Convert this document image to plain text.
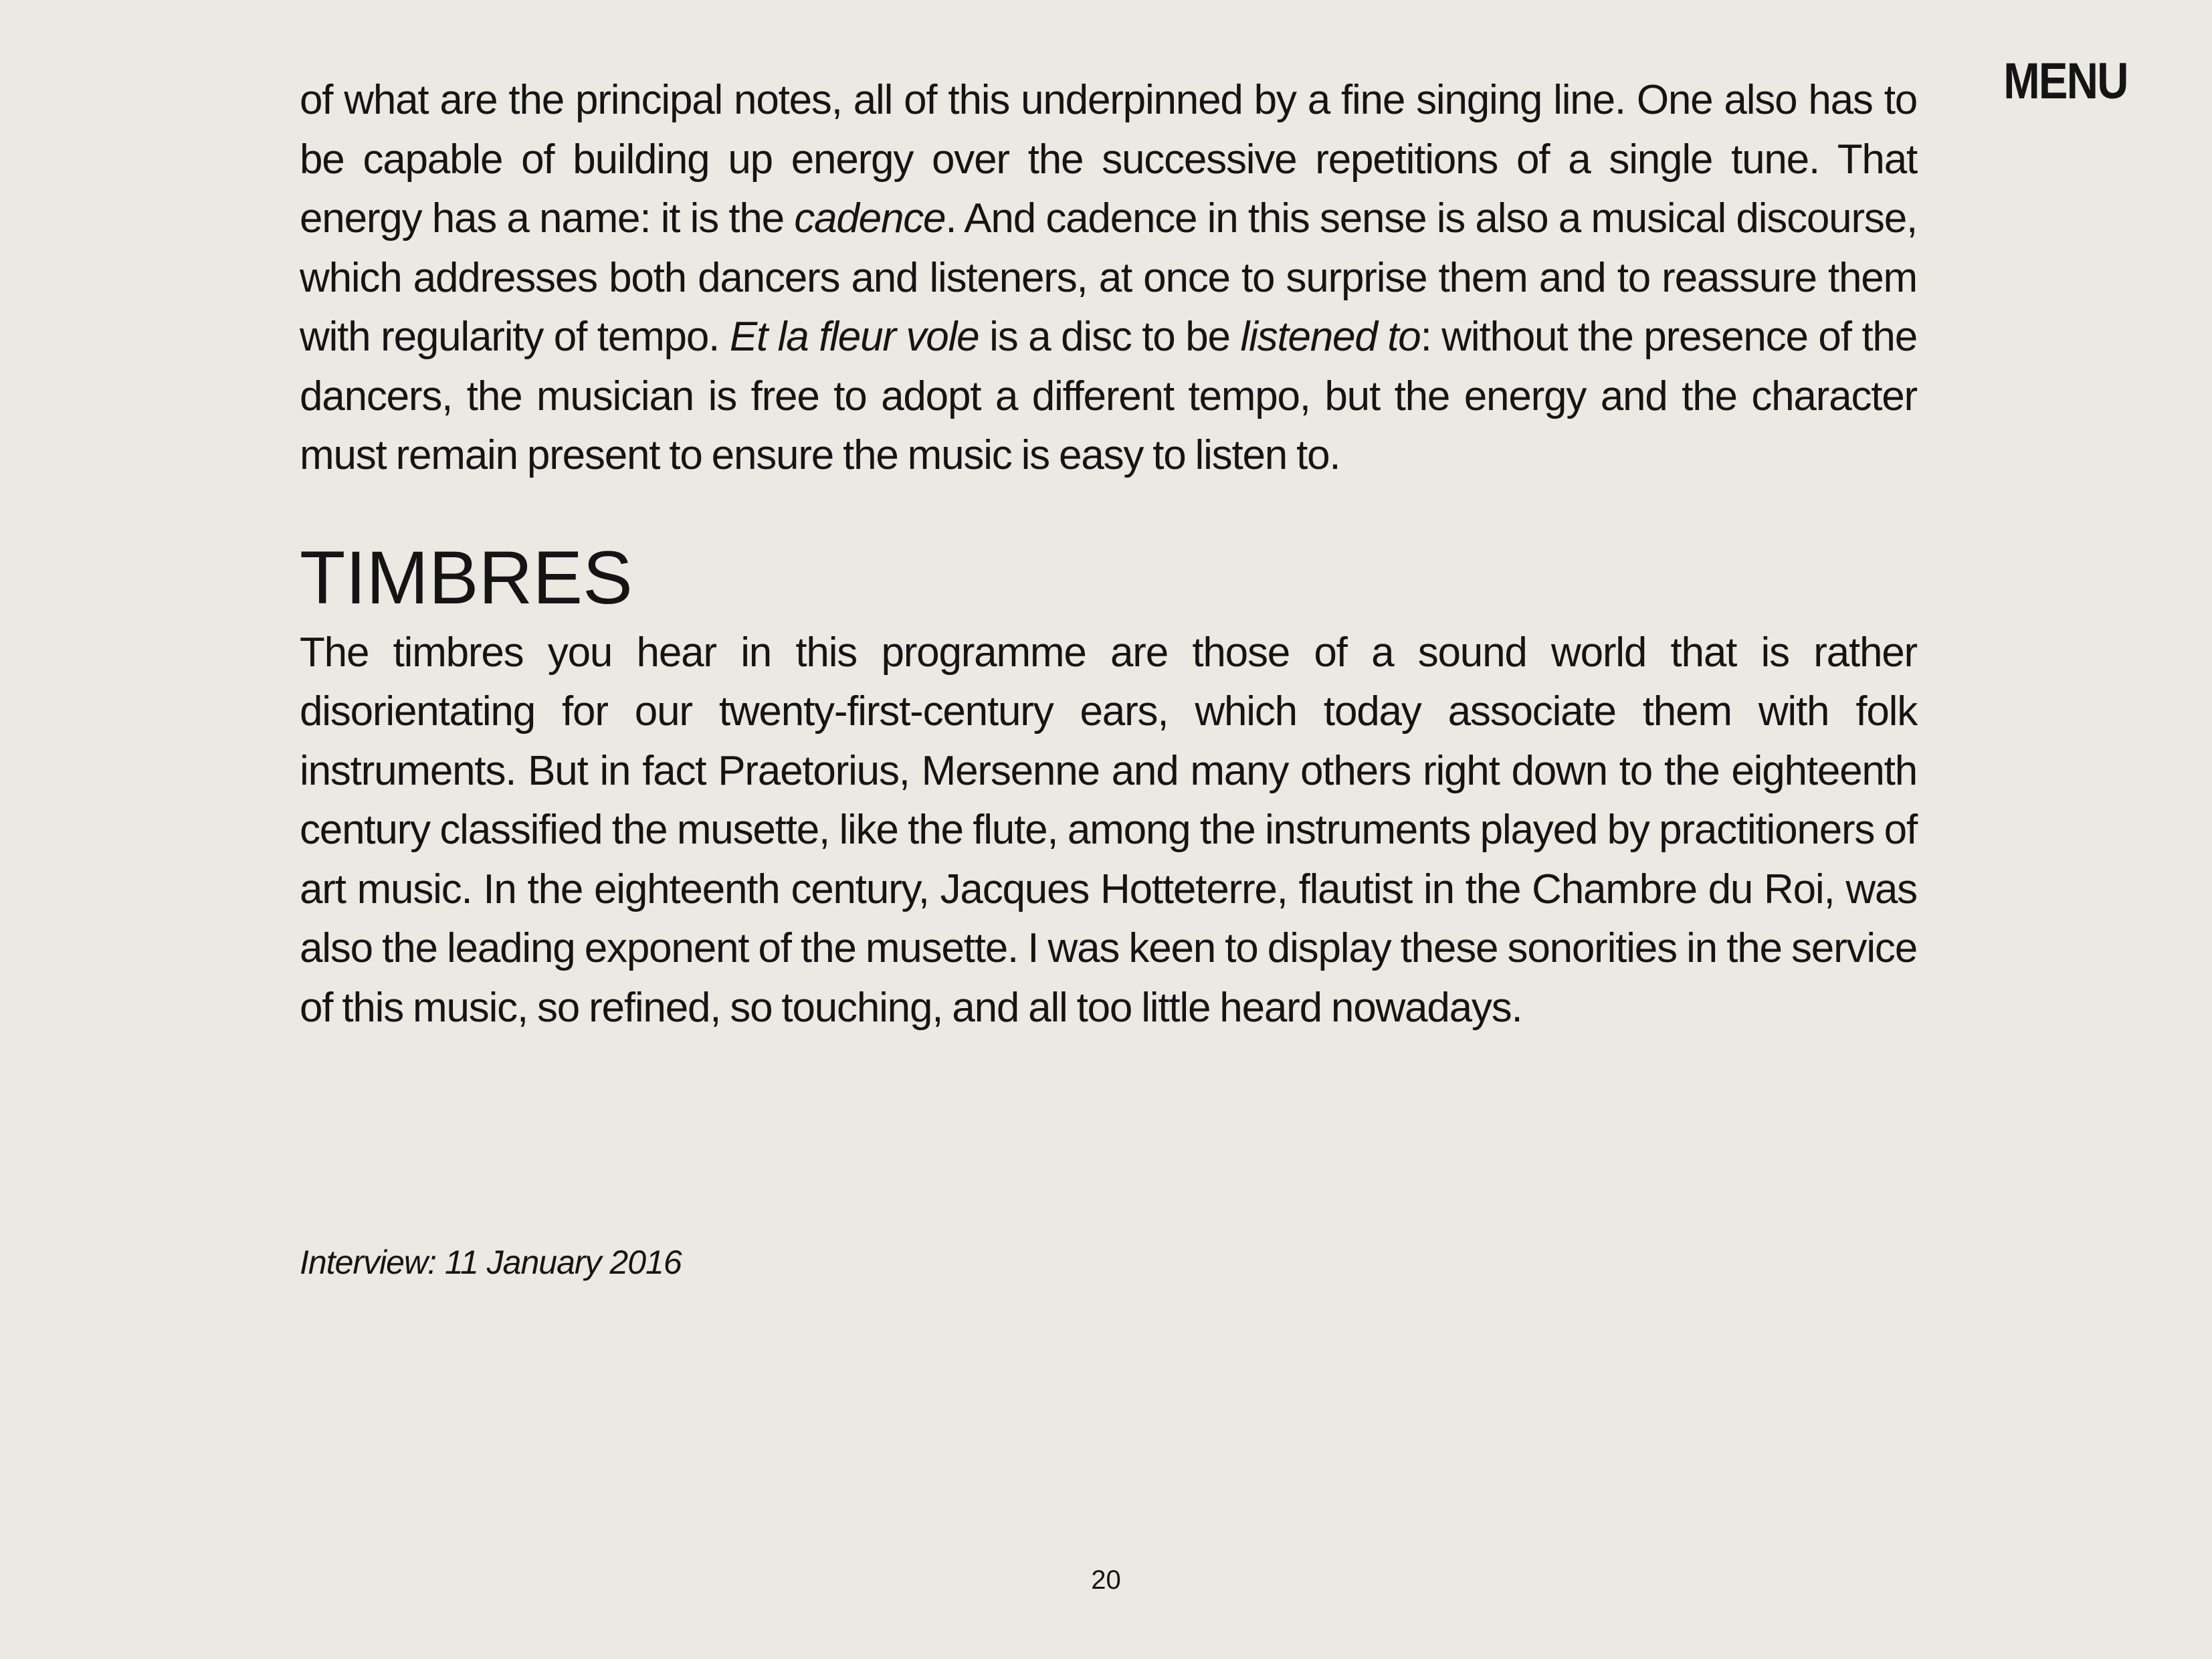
MENU

of what are the principal notes, all of this underpinned by a fine singing line. One also has to be capable of building up energy over the successive repetitions of a single tune. That energy has a name: it is the cadence. And cadence in this sense is also a musical discourse, which addresses both dancers and listeners, at once to surprise them and to reassure them with regularity of tempo. Et la fleur vole is a disc to be listened to: without the presence of the dancers, the musician is free to adopt a different tempo, but the energy and the character must remain present to ensure the music is easy to listen to.

TIMBRES

The timbres you hear in this programme are those of a sound world that is rather disorientating for our twenty-first-century ears, which today associate them with folk instruments. But in fact Praetorius, Mersenne and many others right down to the eighteenth century classified the musette, like the flute, among the instruments played by practitioners of art music. In the eighteenth century, Jacques Hotteterre, flautist in the Chambre du Roi, was also the leading exponent of the musette. I was keen to display these sonorities in the service of this music, so refined, so touching, and all too little heard nowadays.

Interview: 11 January 2016

20
